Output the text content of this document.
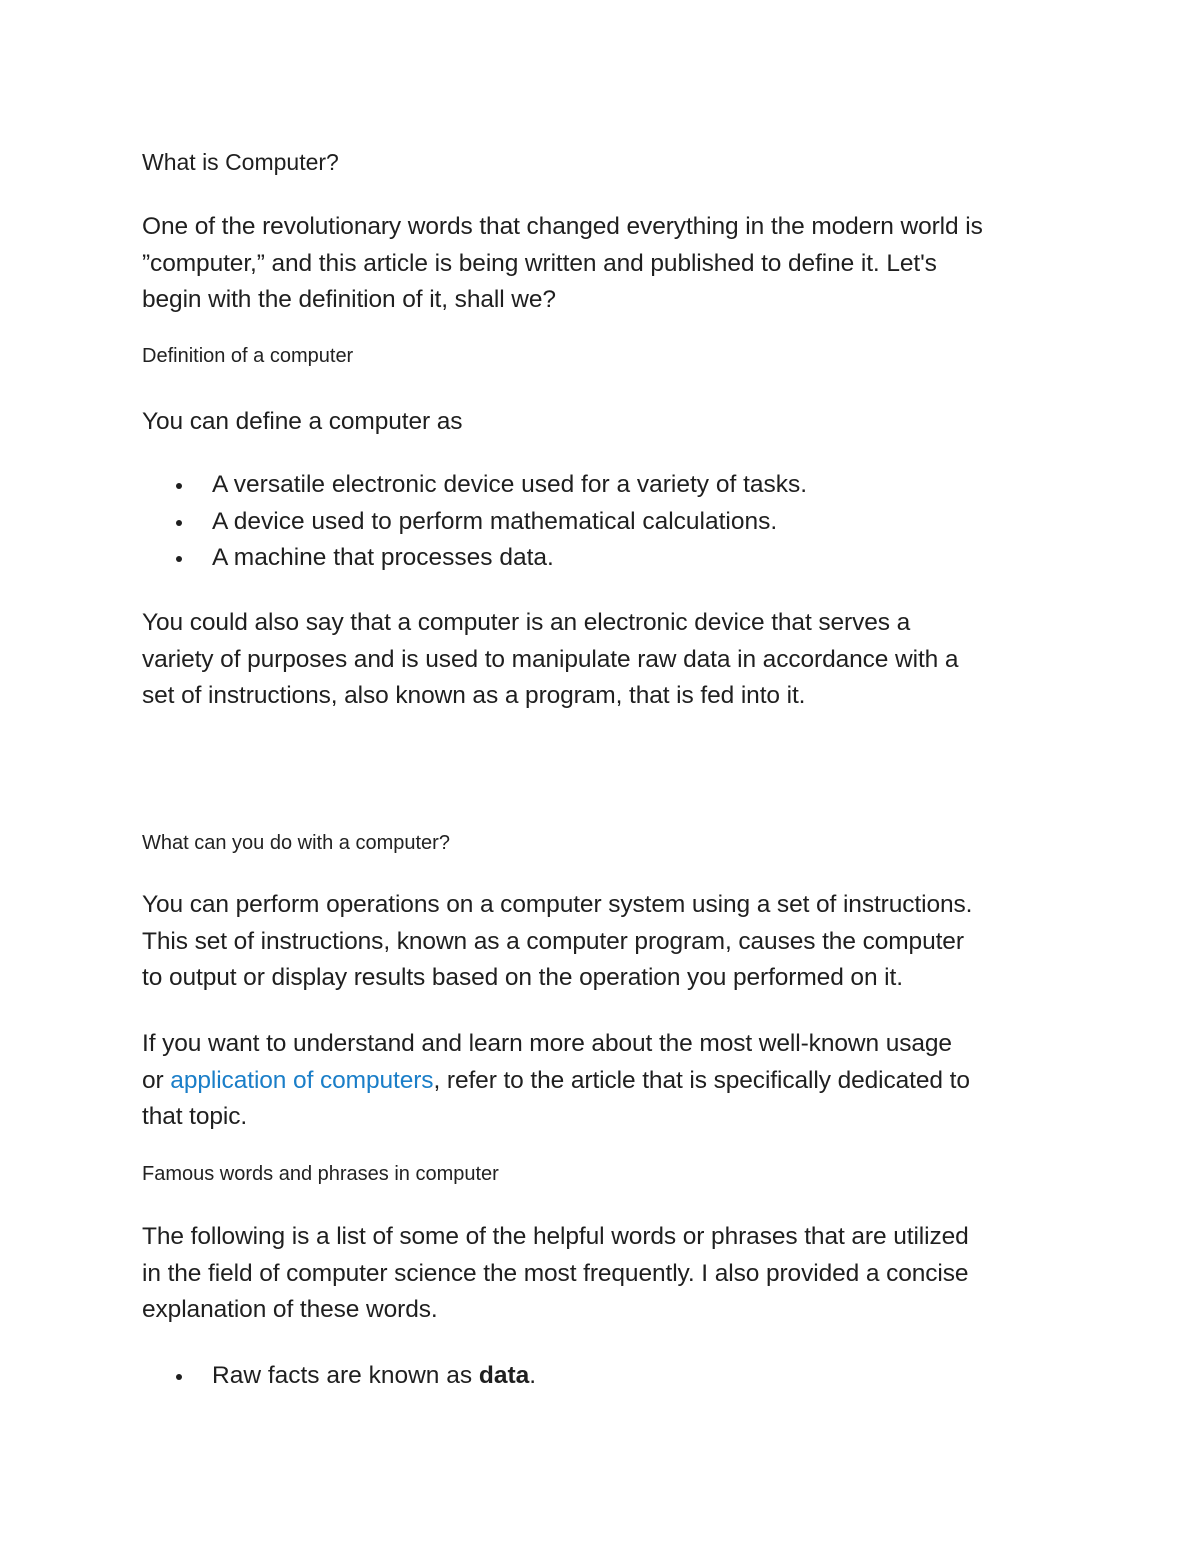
What is Computer?

One of the revolutionary words that changed everything in the modern world is
”computer,” and this article is being written and published to define it. Let's
begin with the definition of it, shall we?

Definition of a computer

You can define a computer as

A versatile electronic device used for a variety of tasks.
A device used to perform mathematical calculations.
A machine that processes data.

You could also say that a computer is an electronic device that serves a
variety of purposes and is used to manipulate raw data in accordance with a
set of instructions, also known as a program, that is fed into it.

What can you do with a computer?

You can perform operations on a computer system using a set of instructions.
This set of instructions, known as a computer program, causes the computer
to output or display results based on the operation you performed on it.

If you want to understand and learn more about the most well-known usage
or application of computers, refer to the article that is specifically dedicated to
that topic.

Famous words and phrases in computer

The following is a list of some of the helpful words or phrases that are utilized
in the field of computer science the most frequently. I also provided a concise
explanation of these words.

Raw facts are known as data.
